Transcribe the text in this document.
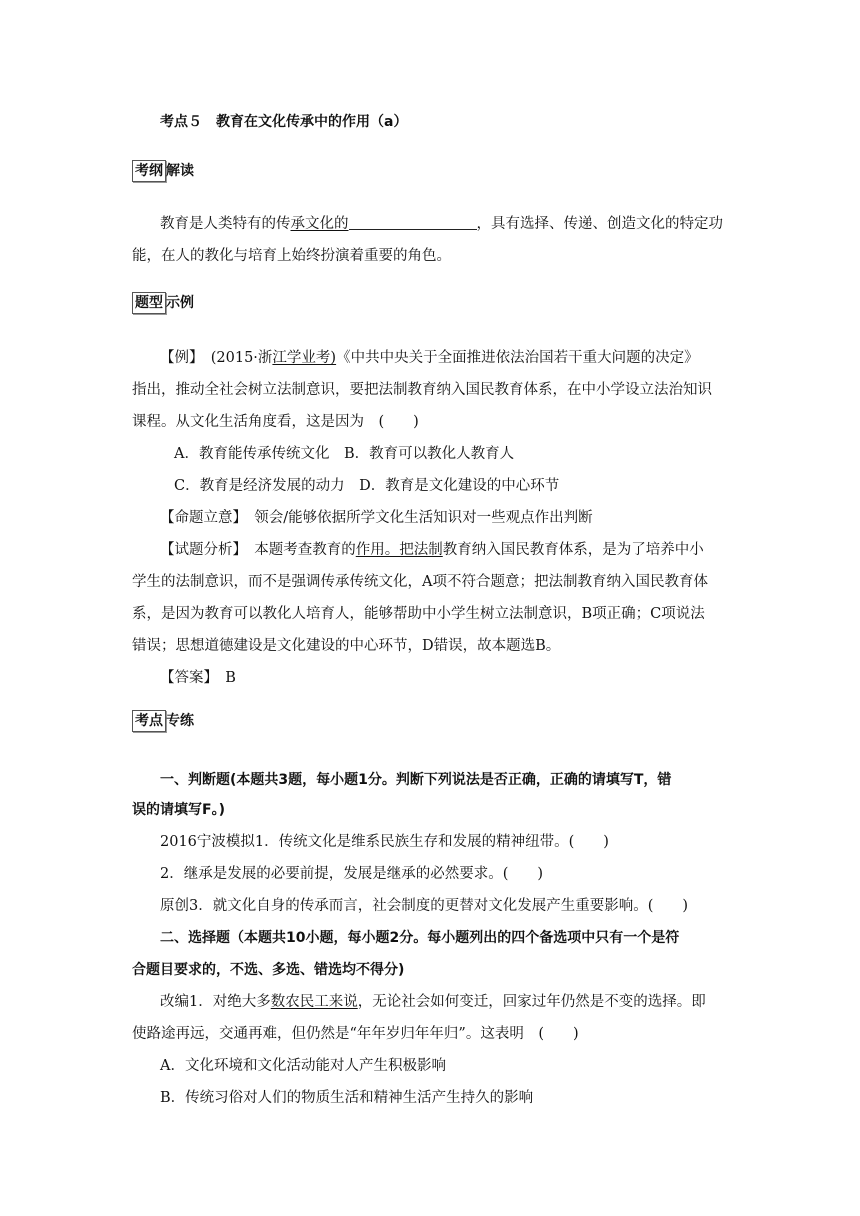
考点５　教育在文化传承中的作用（a）
考纲 解读
教育是人类特有的传承文化的	，具有选择、传递、创造文化的特定功
能，在人的教化与培育上始终扮演着重要的角色。
题型 示例
【例】　(2015·浙江学业考)《中共中央关于全面推进依法治国若干重大问题的决定》
指出，推动全社会树立法制意识，要把法制教育纳入国民教育体系，在中小学设立法治知识
课程。从文化生活角度看，这是因为　(　　)
A．教育能传承传统文化　B．教育可以教化人教育人
C．教育是经济发展的动力　D．教育是文化建设的中心环节
【命题立意】　领会/能够依据所学文化生活知识对一些观点作出判断
【试题分析】　本题考查教育的作用。把法制教育纳入国民教育体系，是为了培养中小
学生的法制意识，而不是强调传承传统文化，A项不符合题意；把法制教育纳入国民教育体
系，是因为教育可以教化人培育人，能够帮助中小学生树立法制意识，B项正确；C项说法
错误；思想道德建设是文化建设的中心环节，D错误，故本题选B。
【答案】　B
考点 专练
一、判断题(本题共3题，每小题1分。判断下列说法是否正确，正确的请填写T，错
误的请填写F。)
2016宁波模拟1．传统文化是维系民族生存和发展的精神纽带。(　　)
2．继承是发展的必要前提，发展是继承的必然要求。(　　)
原创3．就文化自身的传承而言，社会制度的更替对文化发展产生重要影响。(　　)
二、选择题（本题共10小题，每小题2分。每小题列出的四个备选项中只有一个是符
合题目要求的，不选、多选、错选均不得分)
改编1．对绝大多数农民工来说，无论社会如何变迁，回家过年仍然是不变的选择。即
使路途再远，交通再难，但仍然是“年年岁归年年归”。这表明　(　　)
A．文化环境和文化活动能对人产生积极影响
B．传统习俗对人们的物质生活和精神生活产生持久的影响
